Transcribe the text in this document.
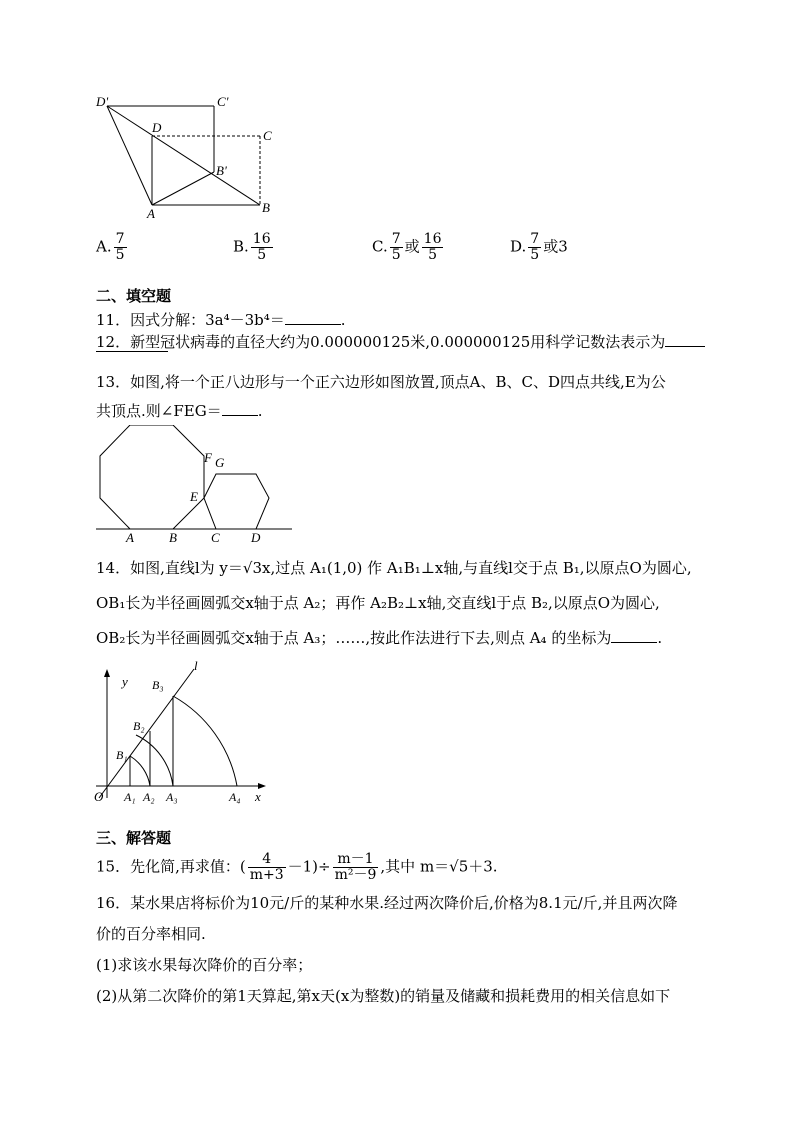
D'	C'
D
C
B'
A	B
A. $\frac{7}{5}$	B. $\frac{16}{5}$	C. $\frac{7}{5}$ 或 $\frac{16}{5}$	D. $\frac{7}{5}$ 或3
二、填空题
11．因式分解：3a⁴－3b⁴＝	.
12．新型冠状病毒的直径大约为0.000000125米,0.000000125用科学记数法表示为
13．如图,将一个正八边形与一个正六边形如图放置,顶点A、B、C、D四点共线,E为公
共顶点.则∠FEG＝ .
F G
E
A	B	C D
14．如图,直线l为 y＝√3x,过点 A₁(1,0) 作 A₁B₁⊥x轴,与直线l交于点 B₁,以原点O为圆心,
OB₁长为半径画圆弧交x轴于点 A₂；再作 A₂B₂⊥x轴,交直线l于点 B₂,以原点O为圆心,
OB₂长为半径画圆弧交x轴于点 A₃；……,按此作法进行下去,则点 A₄ 的坐标为	.
y
l
x
O
B₁
B₂
B₃
A₁ A₂ A₃	A₄
三、解答题
15．先化简,再求值：( $\frac{4}{m+3} -1)\div \frac{m-1}{\text{m²－9}}$ ,其中 m＝√5＋3.
16．某水果店将标价为10元/斤的某种水果.经过两次降价后,价格为8.1元/斤,并且两次降
价的百分率相同.
(1)求该水果每次降价的百分率；
(2)从第二次降价的第1天算起,第x天(x为整数)的销量及储藏和损耗费用的相关信息如下
